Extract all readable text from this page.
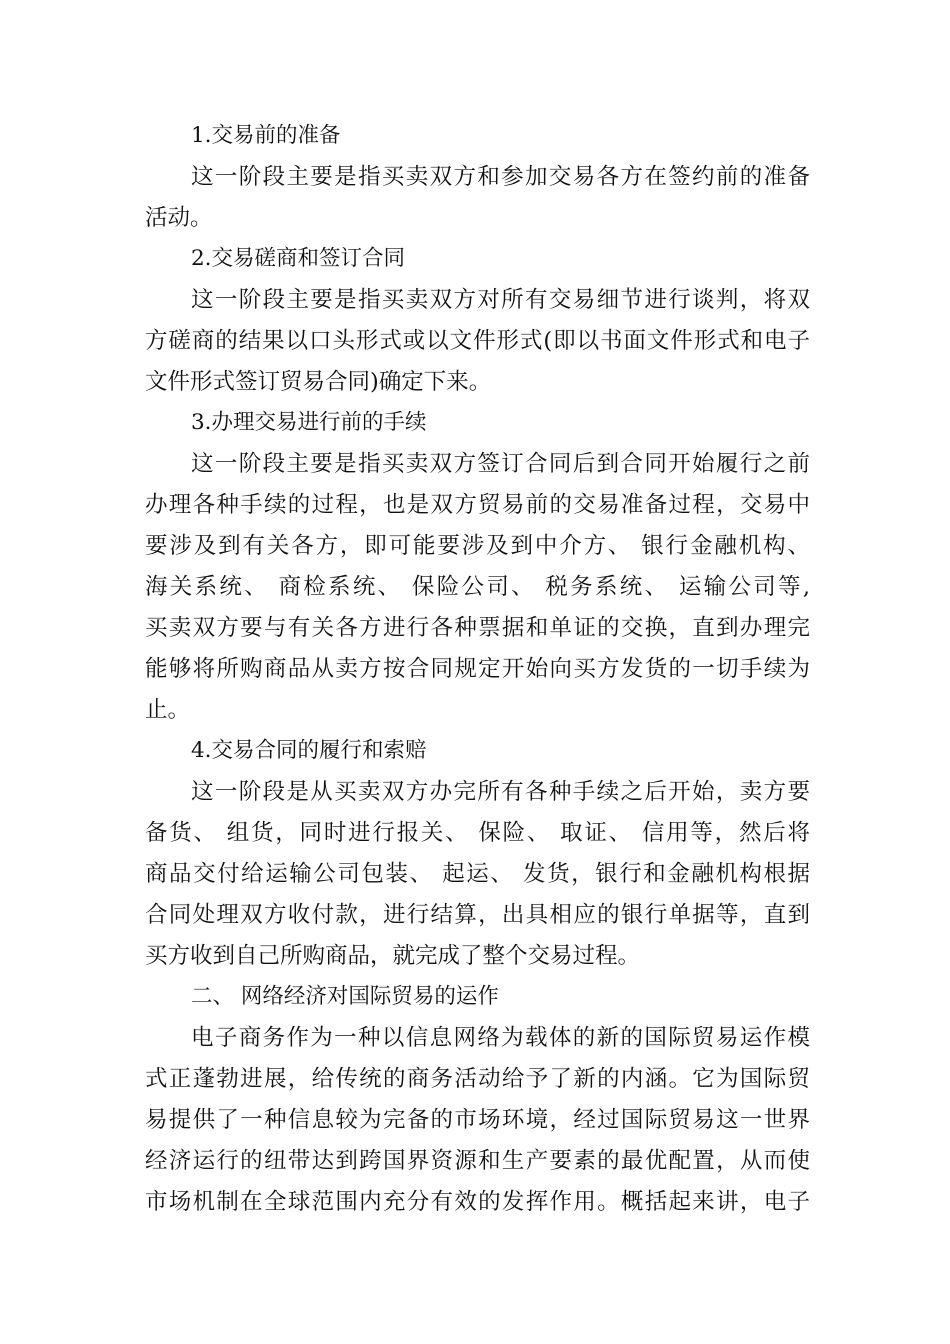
1.交易前的准备
这一阶段主要是指买卖双方和参加交易各方在签约前的准备
活动。
2.交易磋商和签订合同
这一阶段主要是指买卖双方对所有交易细节进行谈判，将双
方磋商的结果以口头形式或以文件形式(即以书面文件形式和电子
文件形式签订贸易合同)确定下来。
3.办理交易进行前的手续
这一阶段主要是指买卖双方签订合同后到合同开始履行之前
办理各种手续的过程，也是双方贸易前的交易准备过程，交易中
要涉及到有关各方，即可能要涉及到中介方、 银行金融机构、
海关系统、 商检系统、 保险公司、 税务系统、 运输公司等,
买卖双方要与有关各方进行各种票据和单证的交换，直到办理完
能够将所购商品从卖方按合同规定开始向买方发货的一切手续为
止。
4.交易合同的履行和索赔
这一阶段是从买卖双方办完所有各种手续之后开始，卖方要
备货、 组货，同时进行报关、 保险、 取证、 信用等，然后将
商品交付给运输公司包装、 起运、 发货，银行和金融机构根据
合同处理双方收付款，进行结算，出具相应的银行单据等，直到
买方收到自己所购商品，就完成了整个交易过程。
二、 网络经济对国际贸易的运作
电子商务作为一种以信息网络为载体的新的国际贸易运作模
式正蓬勃进展，给传统的商务活动给予了新的内涵。它为国际贸
易提供了一种信息较为完备的市场环境，经过国际贸易这一世界
经济运行的纽带达到跨国界资源和生产要素的最优配置，从而使
市场机制在全球范围内充分有效的发挥作用。概括起来讲，电子
